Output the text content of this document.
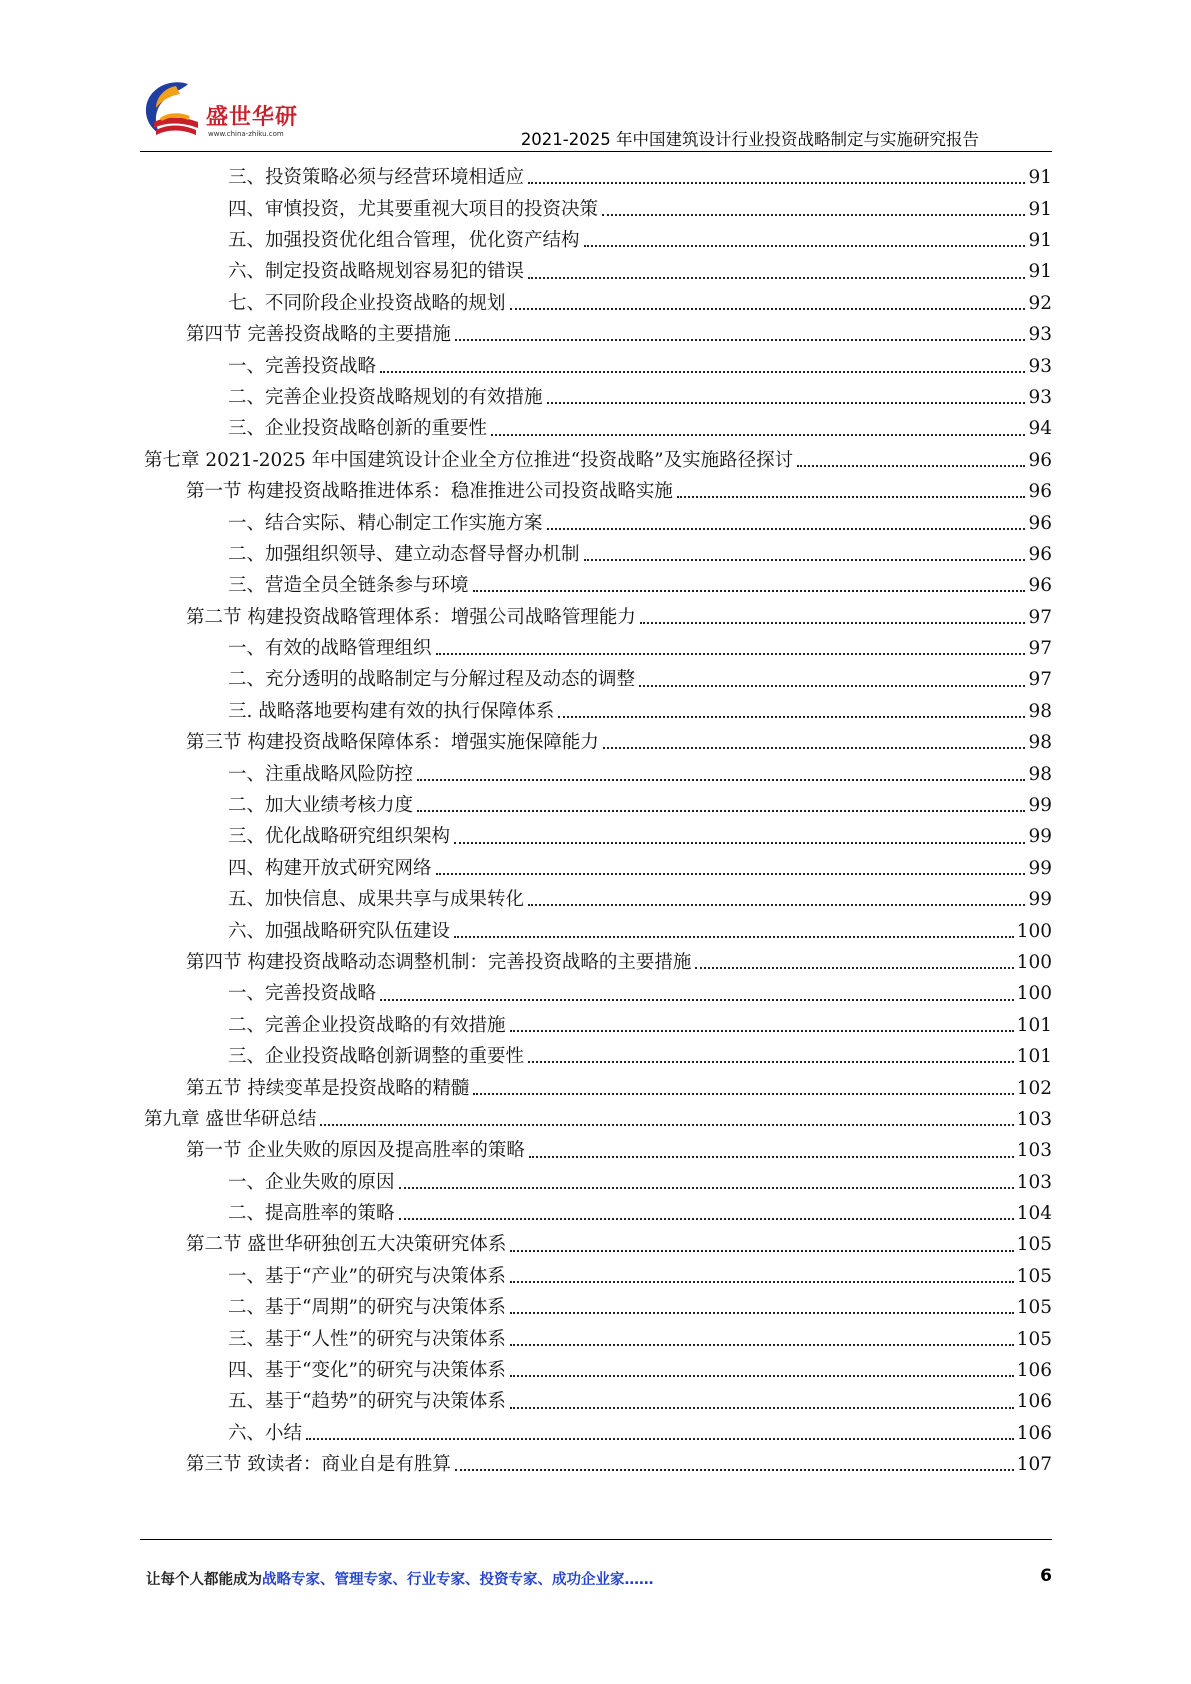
盛世华研
www.china-zhiku.com	2021-2025 年中国建筑设计行业投资战略制定与实施研究报告
三、投资策略必须与经营环境相适应	91
四、审慎投资，尤其要重视大项目的投资决策	91
五、加强投资优化组合管理，优化资产结构	91
六、制定投资战略规划容易犯的错误	91
七、不同阶段企业投资战略的规划	92
第四节 完善投资战略的主要措施	93
一、完善投资战略	93
二、完善企业投资战略规划的有效措施	93
三、企业投资战略创新的重要性	94
第七章 2021-2025 年中国建筑设计企业全方位推进“投资战略”及实施路径探讨	96
第一节 构建投资战略推进体系：稳准推进公司投资战略实施	96
一、结合实际、精心制定工作实施方案	96
二、加强组织领导、建立动态督导督办机制	96
三、营造全员全链条参与环境	96
第二节 构建投资战略管理体系：增强公司战略管理能力	97
一、有效的战略管理组织	97
二、充分透明的战略制定与分解过程及动态的调整	97
三. 战略落地要构建有效的执行保障体系	98
第三节 构建投资战略保障体系：增强实施保障能力	98
一、注重战略风险防控	98
二、加大业绩考核力度	99
三、优化战略研究组织架构	99
四、构建开放式研究网络	99
五、加快信息、成果共享与成果转化	99
六、加强战略研究队伍建设	100
第四节 构建投资战略动态调整机制：完善投资战略的主要措施	100
一、完善投资战略	100
二、完善企业投资战略的有效措施	101
三、企业投资战略创新调整的重要性	101
第五节 持续变革是投资战略的精髓	102
第九章 盛世华研总结	103
第一节 企业失败的原因及提高胜率的策略	103
一、企业失败的原因	103
二、提高胜率的策略	104
第二节 盛世华研独创五大决策研究体系	105
一、基于“产业”的研究与决策体系	105
二、基于“周期”的研究与决策体系	105
三、基于“人性”的研究与决策体系	105
四、基于“变化”的研究与决策体系	106
五、基于“趋势”的研究与决策体系	106
六、小结	106
第三节 致读者：商业自是有胜算	107
让每个人都能成为战略专家、管理专家、行业专家、投资专家、成功企业家……	6
